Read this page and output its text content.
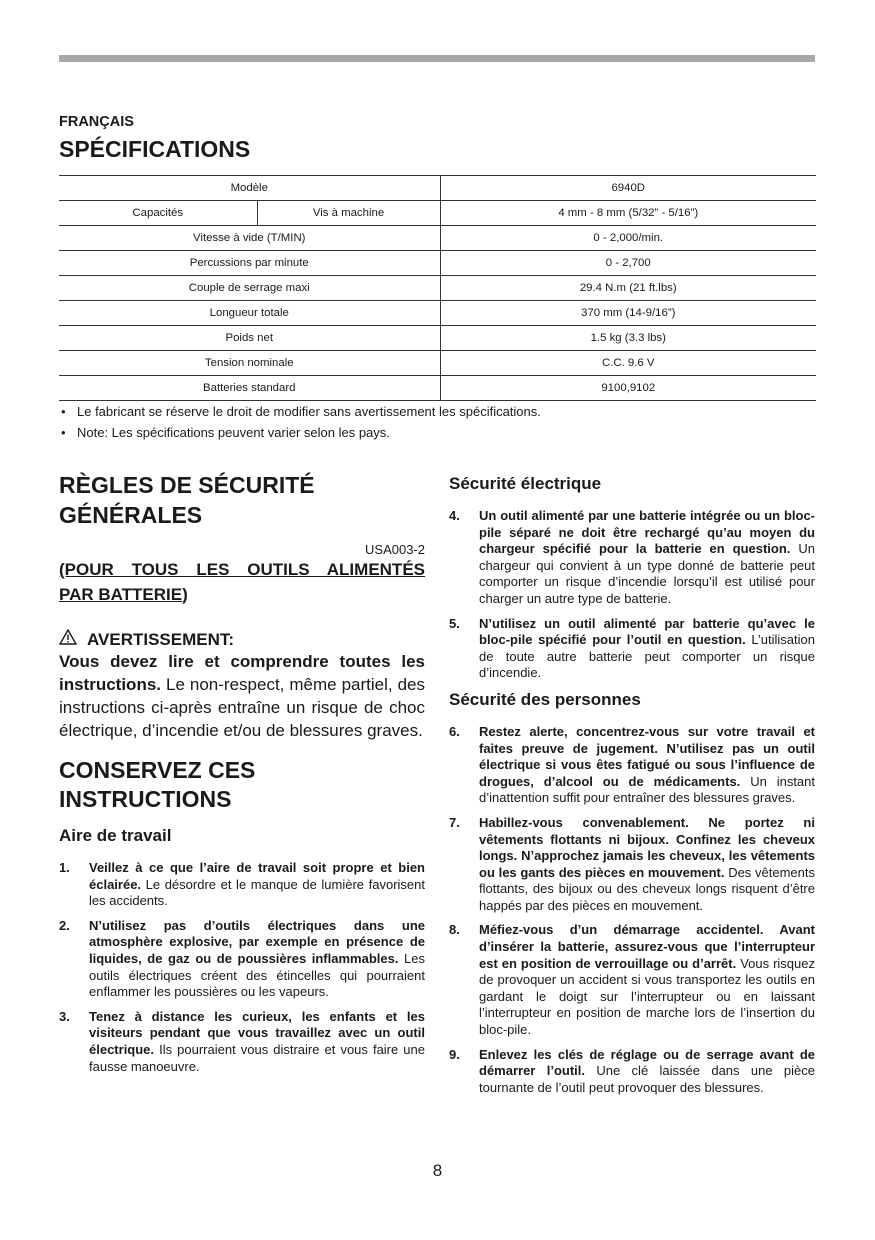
FRANÇAIS
SPÉCIFICATIONS
Modèle		6940D
Capacités	Vis à machine	4 mm - 8 mm (5/32” - 5/16”)
Vitesse à vide (T/MIN)		0 - 2,000/min.
Percussions par minute		0 - 2,700
Couple de serrage maxi		29.4 N.m (21 ft.lbs)
Longueur totale		370 mm (14-9/16”)
Poids net		1.5 kg (3.3 lbs)
Tension nominale		C.C. 9.6 V
Batteries standard		9100,9102
• Le fabricant se réserve le droit de modifier sans avertissement les spécifications.
• Note: Les spécifications peuvent varier selon les pays.
RÈGLES DE SÉCURITÉ
GÉNÉRALES
USA003-2
(POUR TOUS LES OUTILS ALIMENTÉS
PAR BATTERIE)
AVERTISSEMENT:
Vous devez lire et comprendre toutes les instructions. Le non-respect, même partiel, des instructions ci-après entraîne un risque de choc électrique, d’incendie et/ou de blessures graves.
CONSERVEZ CES
INSTRUCTIONS
Aire de travail
1. Veillez à ce que l’aire de travail soit propre et bien éclairée. Le désordre et le manque de lumière favorisent les accidents.
2. N’utilisez pas d’outils électriques dans une atmosphère explosive, par exemple en présence de liquides, de gaz ou de poussières inflammables. Les outils électriques créent des étincelles qui pourraient enflammer les poussières ou les vapeurs.
3. Tenez à distance les curieux, les enfants et les visiteurs pendant que vous travaillez avec un outil électrique. Ils pourraient vous distraire et vous faire une fausse manoeuvre.
Sécurité électrique
4. Un outil alimenté par une batterie intégrée ou un bloc-pile séparé ne doit être rechargé qu’au moyen du chargeur spécifié pour la batterie en question. Un chargeur qui convient à un type donné de batterie peut comporter un risque d’incendie lorsqu’il est utilisé pour charger un autre type de batterie.
5. N’utilisez un outil alimenté par batterie qu’avec le bloc-pile spécifié pour l’outil en question. L’utilisation de toute autre batterie peut comporter un risque d’incendie.
Sécurité des personnes
6. Restez alerte, concentrez-vous sur votre travail et faites preuve de jugement. N’utilisez pas un outil électrique si vous êtes fatigué ou sous l’influence de drogues, d’alcool ou de médicaments. Un instant d’inattention suffit pour entraîner des blessures graves.
7. Habillez-vous convenablement. Ne portez ni vêtements flottants ni bijoux. Confinez les cheveux longs. N’approchez jamais les cheveux, les vêtements ou les gants des pièces en mouvement. Des vêtements flottants, des bijoux ou des cheveux longs risquent d’être happés par des pièces en mouvement.
8. Méfiez-vous d’un démarrage accidentel. Avant d’insérer la batterie, assurez-vous que l’interrupteur est en position de verrouillage ou d’arrêt. Vous risquez de provoquer un accident si vous transportez les outils en gardant le doigt sur l’interrupteur ou en laissant l’interrupteur en position de marche lors de l’insertion du bloc-pile.
9. Enlevez les clés de réglage ou de serrage avant de démarrer l’outil. Une clé laissée dans une pièce tournante de l’outil peut provoquer des blessures.
8
